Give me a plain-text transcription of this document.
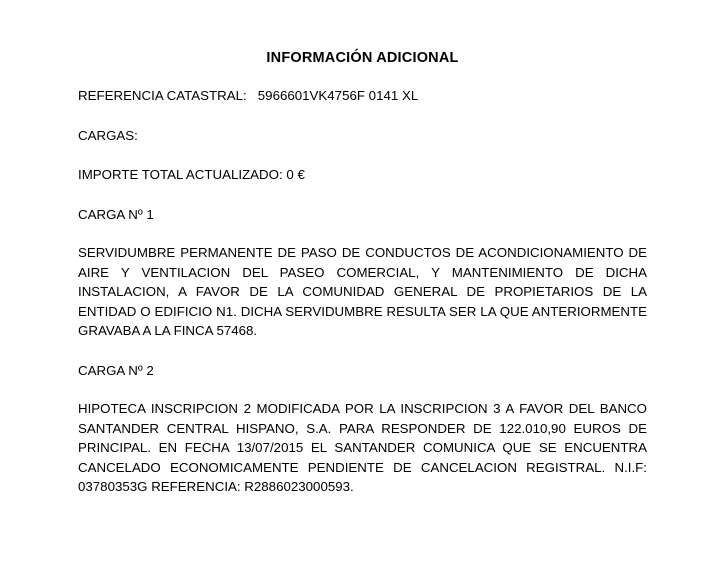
INFORMACIÓN ADICIONAL
REFERENCIA CATASTRAL:   5966601VK4756F 0141 XL
CARGAS:
IMPORTE TOTAL ACTUALIZADO: 0 €
CARGA Nº 1
SERVIDUMBRE PERMANENTE DE PASO DE CONDUCTOS DE ACONDICIONAMIENTO DE AIRE Y VENTILACION DEL PASEO COMERCIAL, Y MANTENIMIENTO DE DICHA INSTALACION, A FAVOR DE LA COMUNIDAD GENERAL DE PROPIETARIOS DE LA ENTIDAD O EDIFICIO N1. DICHA SERVIDUMBRE RESULTA SER LA QUE ANTERIORMENTE GRAVABA A LA FINCA 57468.
CARGA Nº 2
HIPOTECA INSCRIPCION 2 MODIFICADA POR LA INSCRIPCION 3 A FAVOR DEL BANCO SANTANDER CENTRAL HISPANO, S.A. PARA RESPONDER DE 122.010,90 EUROS DE PRINCIPAL. EN FECHA 13/07/2015 EL SANTANDER COMUNICA QUE SE ENCUENTRA CANCELADO ECONOMICAMENTE PENDIENTE DE CANCELACION REGISTRAL. N.I.F: 03780353G REFERENCIA: R2886023000593.
